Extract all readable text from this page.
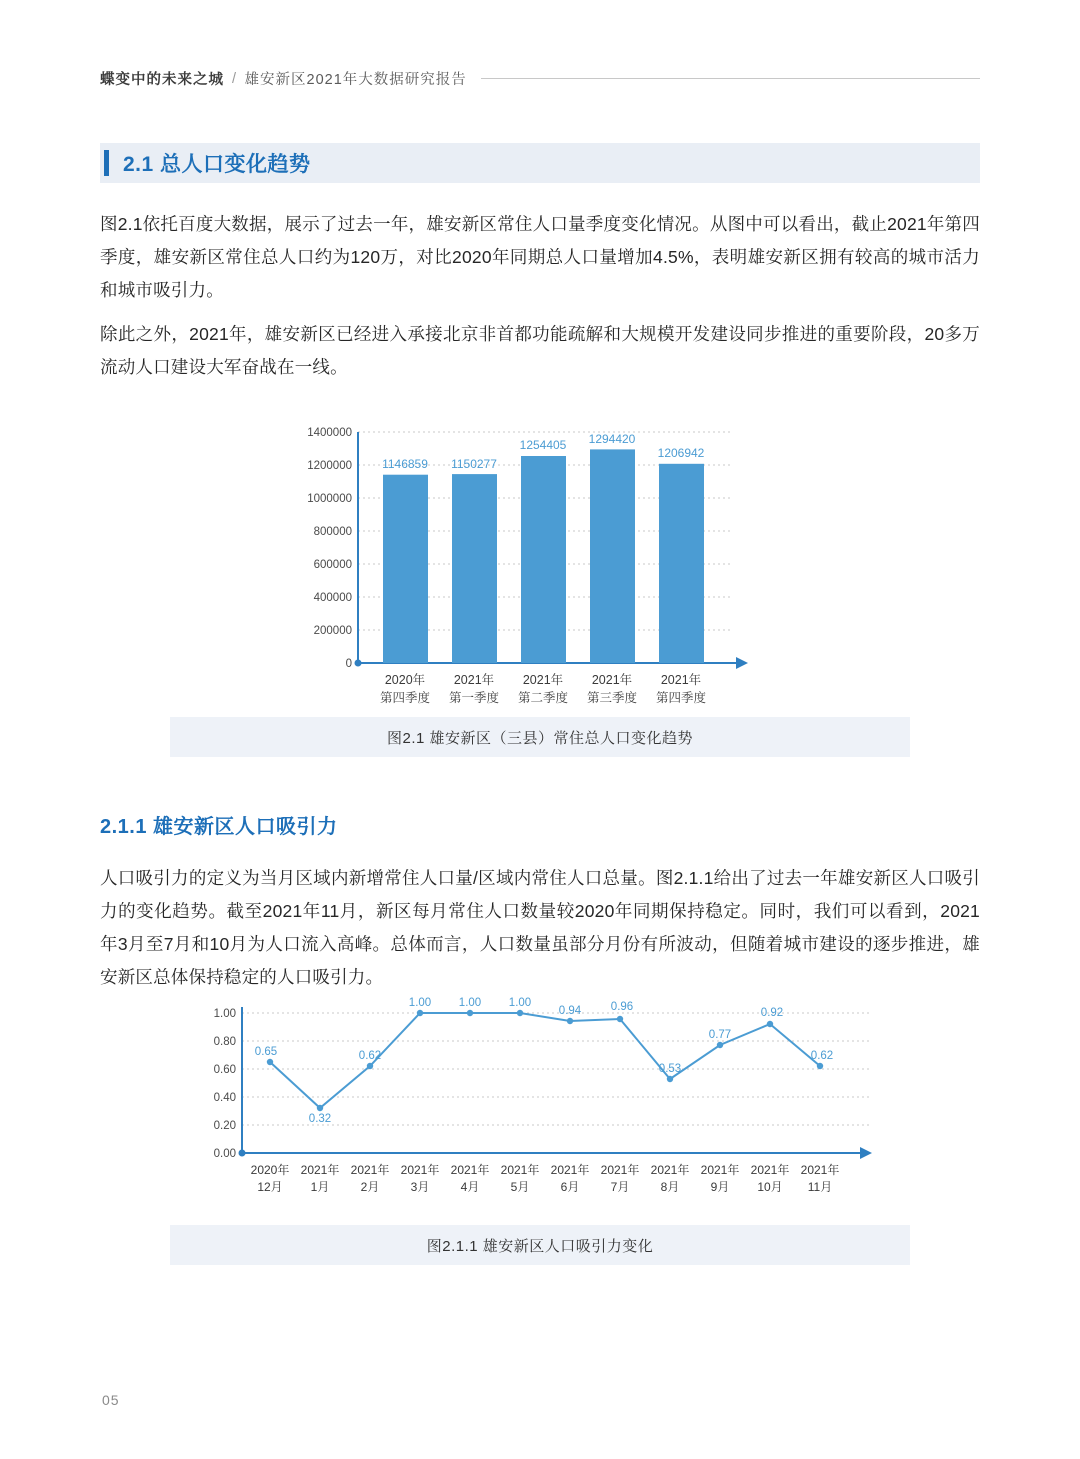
蝶变中的未来之城 / 雄安新区2021年大数据研究报告
2.1 总人口变化趋势
图2.1依托百度大数据，展示了过去一年，雄安新区常住人口量季度变化情况。从图中可以看出，截止2021年第四季度，雄安新区常住总人口约为120万，对比2020年同期总人口量增加4.5%，表明雄安新区拥有较高的城市活力和城市吸引力。
除此之外，2021年，雄安新区已经进入承接北京非首都功能疏解和大规模开发建设同步推进的重要阶段，20多万流动人口建设大军奋战在一线。
1400000
1200000
1000000
800000
600000
400000
200000
0
1146859 1150277
1254405 1294420
1206942
2020年
第四季度
2021年
第一季度
2021年
第二季度
2021年
第三季度
2021年
第四季度
图2.1 雄安新区（三县）常住总人口变化趋势
2.1.1 雄安新区人口吸引力
人口吸引力的定义为当月区域内新增常住人口量/区域内常住人口总量。图2.1.1给出了过去一年雄安新区人口吸引力的变化趋势。截至2021年11月，新区每月常住人口数量较2020年同期保持稳定。同时，我们可以看到，2021年3月至7月和10月为人口流入高峰。总体而言，人口数量虽部分月份有所波动，但随着城市建设的逐步推进，雄安新区总体保持稳定的人口吸引力。
1.00
0.80
0.60
0.40
0.20
0.00
0.65
0.32
0.62
1.00 1.00 1.00
0.94	0.96
0.53
0.77
0.92
0.62
2020年
12月
2021年
1月
2021年
2月
2021年
3月
2021年
4月
2021年
5月
2021年
6月
2021年
7月
2021年
8月
2021年
9月
2021年
10月
2021年
11月
图2.1.1 雄安新区人口吸引力变化
05
